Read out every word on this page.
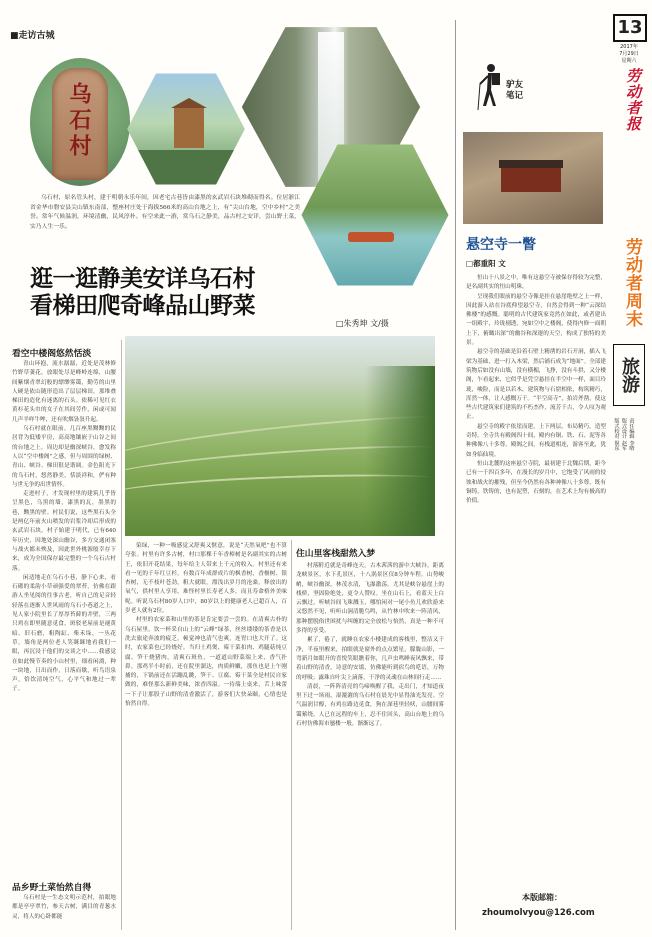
■走访古城
乌石村
乌石村，原名管头村，建于明朝永乐年间，因老宅古巷皆由漆黑的玄武岩石块堆砌而得名。位居浙江省金华市磐安县尖山镇东南部，整座村庄处于海拔566米的高山台地之上，有“尖山台地，空中乡村”之美誉。常年气候温润，环境清幽，民风淳朴。有空来此一游，赏乌石之静美，品古村之安详，尝山野土菜，实乃人生一乐。
逛一逛静美安详乌石村
看梯田爬奇峰品山野菜
□朱秀坤 文/摄
看空中楼阁悠然恬淡

青山环抱，流水潺潺，近处是茂林修竹野草萋花，放眼处尽是峰岭连绵，山腰间紫烟青翠幻般的缥缈雾霭，勤劳的山里人硬是依山随形造出了层层梯田，那堆叠梯田的造化有迷离的石头。依稀可见红衣黄衫花头巾的女子在其间劳作，闲或可闻几声羊咩牛哞，还有吹烟袅袅升起。

乌石村就在眼前。几百座黑黝黝的民居背为低矮平房，高高地镶嵌于山谷之间的台地之上。周边却是幽深峡谷，愈发称人以“空中楼阁”之感。但与周围的绿树、青山、峡谷、梯田很是谐调。金色阳光下的乌石村，悠然静美，恬淡祥和，俨有种与世无争的出世情怀。

走进村子，才发现村里的建筑几乎皆呈黑色，乌黑的墙，漆黑的瓦，墨黑的巷，黝黑的壁。村民们说，这些黑石头全是两亿年前火山喷发的岩浆冷却后形成的玄武岩石块。村子始建于明代，已有640年历史，因地处深山幽谷，多方交通闭塞与战火都未殃及，因此世外桃源般幸存下来，成为全国保存最完整的一个乌石古村落。

闲适地走在乌石小巷，静下心来，看石砌的柔韵小草顽强爱的翠苔，仿佛在跟游人坐见阅的往事古老，听自己的足音轻轻落在逐渐人世风雨的乌石小巷道之上，见人家小院里长了厚厚苔藓的井壁，三两只鸡在即里随意觅食，斑驳老屋前是褪黄暗、旧石磨，粗陶缸、柴禾垛，一丛花草。墙角是两位老人笑眯眯地看我们一眼，再沉浸于他们的交谈之中……我感觉在如此慢节奏的小山村里，细看闲淌，种一块地，日出而作，日落而歇，听鸟语泉声，恰饮清纯空气，心平气和地过一辈子。

品乡野土菜怡然自得

乌石村是一生态文明示范村，拍眼地都是亭亭翠竹，参天古树，满目的青葱水灵，将人的心卧都能

染绿，一种一吸感觉又舒爽又惬意，说是“天然氧吧”也不算夸张。村里有许多古树，村口那棵千年香樟树是名副其实的古树王，依旧开花结果，每年给主人带来上千元的收入。村里还有来看一见的千年红豆杉，有数百年成群成片的枫香树，香榧树、银杏树，无不枝叶苍劲，粗大就眼，漂浅出岁月的沧桑，释放出的氧气，供村里人享用，难怪村里长寿老人多，而且寿命格外美味呢。听说乌石村80岁人口中，80岁以上的健康老人已超百人，百岁老人就有2位。

村里的农家菜和山里的茶是肯定要尝一尝的。在清爽古朴的乌石屋里，饮一杯采自山上的“云峰”绿茶，丝丝缕缕的茶香是以洗去旅途奔波的疲乏，顿觉神也清气也爽，连胃口也大开了。这时，农家菜也已经烧好。当归土鸡煲、霉干菜扣肉、鸡腿菇炖豆腐、笋干烧猪肉，清爽石斑鱼，一道道山野菜端上来，香气扑鼻。那鸡半小时前，还在院里溜达，肉质鲜嫩，那鱼也是上午刚捕的，下锅前还在活蹦乱跳，笋干、豆腐、霉干菜全是村民自家做的，难怪那么新鲜美味，浓香四溢。一待端上桌来，舌上味蕾一下子让那股子山野的清香激活了，游客们大快朵颐，心情也是怡然自得。

住山里客栈甜然入梦

村落附近就是奇峰连天，古木茜茜的游中大峡谷。距离龙峡景区，水下孔景区，十八涡景区仅8分钟车程。山势峻峭，峡谷幽深，林茂水清，飞瀑激荡。尤其是峡谷悬崖上的栈桥，坚固险绝处，更令人赞叹。坐在山石上，看蓝天上白云飘过，听峡谷间飞珠溅玉，哪怕闲对一尾小鱼儿欢欣游来又悠然不见，听听山涧清脆鸟鸣，从竹林中吹来一阵清风，那种摆脱俗世困扰与纠缠的完全放松与怡然，真是一种不可多得的享受。

累了，倦了，就睡在农家小楼建成的客栈里，整洁又干净，半夜里醒来，拍眼就是窗外的点点繁星，朦胧山影，一弯新月如眼开的喜悦笑眼瞧着你，几声虫鸣睡夜风飘来，带着山野的清香，诗意的安谧，仿佛能听到宿鸟的呓语，万物的呼吸；露珠自叶尖上滴落，干净的灵魂在山林间行走……

清晨，一阵阵清亮的鸟啼唤醒了我，走出门，才知道夜里下过一场雨，湿漉漉的乌石村在晨光中显得油光发亮。空气温润甘醇，有鸡在路边觅食，狗在深巷里轻吠，山腰间雾霭萦绕，人已在远程的车上，忍不住回头，高山台地上的乌石村仿佛海市蜃楼一般，渐渐远了。

驴友
笔记
悬空寺一瞥
□都重阳 文

恒山十八景之中，唯有这悬空寺被保存得较为完整，是名副其实的恒山明珠。

呈现我们眼前的悬空寺像是挂在悬崖绝壁之上一样，因此游人站在谷底仰望悬空寺，自然会得到一种“云深结佛楼”的感慨。聪明的古代建筑家竟然在如此，或者建出一组殿宇，玲珑剔透，宛如空中之楼阁，使得内修一面朝上下，俯瞰出深“的幽谷和深邃的天空，构成了独特的美景。

悬空寺的基础是沿着石壁上精凿的岩石开洞，插入飞梁为基础，进一打入木梁，然后铺石成为“地面”。全部建筑物后如没有山墙，没有横楣，飞挣，没有斗拱，又分楼阁，乍看起来，它似乎是凭空悬挂在半空中一样，面目玲珑，峻险，而是以若木，建筑物与石窟相依，构筑精巧，浑然一体，让人感慨万千。“半空高寺”，拍岩斧凿，使这些古代建筑家们建筑的不朽杰作，流芳千古，令人叹为观止。

悬空寺的殿宇依崖而建，上下两层，布局精巧，造型奇特。全寺共有殿阁四十间，殿内有铜、铁、石、泥等各种佛像八十多尊，殿阁之间，有栈道相连，游客至此，犹如身临仙境。

恒山北麓的这座悬空寺院，最初建于北魏后期，距今已有一千四百多年，在漫长的岁月中，它饱受了风雨的侵蚀和战火的摧残，但至今仍然有各种神像八十多尊，既有铜铸，铁铸的，也有泥塑，石刻的，在艺术上均有极高的价值。

13
2017年
7月29日
星期六
劳动者报
劳动者周末
旅游
责任编辑 李晴
版式设计 赵军
版式校对 倪东
本版邮箱：
zhoumolvyou@126.com
